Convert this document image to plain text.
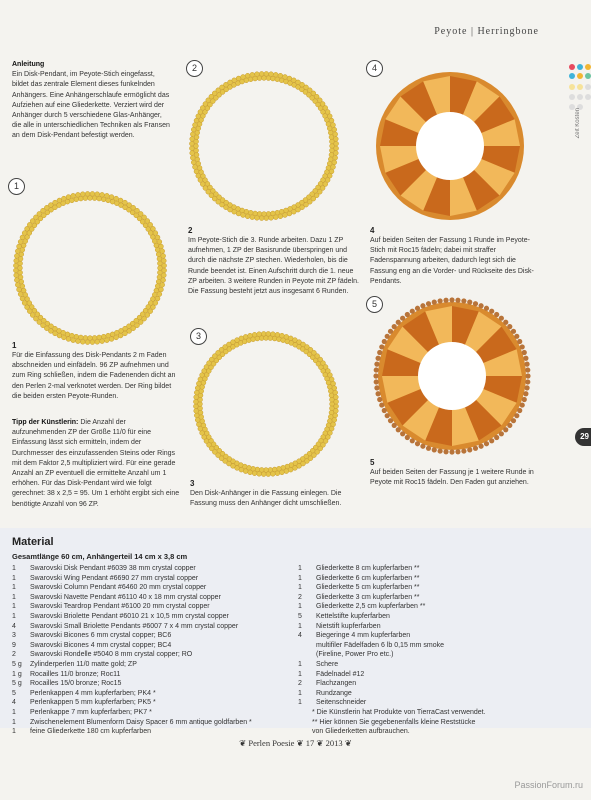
Peyote | Herringbone
Zeit Kosten
29
Anleitung
Ein Disk-Pendant, im Peyote-Stich eingefasst, bildet das zentrale Element dieses funkelnden Anhängers. Eine Anhängerschlaufe ermöglicht das Aufziehen auf eine Gliederkette. Verziert wird der Anhänger durch 5 verschiedene Glas-Anhänger, die alle in unterschiedlichen Techniken als Fransen an dem Disk-Pendant befestigt werden.
1
1
Für die Einfassung des Disk-Pendants 2 m Faden abschneiden und einfädeln. 96 ZP aufnehmen und zum Ring schließen, indem die Fadenenden dicht an den Perlen 2-mal verknotet werden. Der Ring bildet die beiden ersten Peyote-Runden.
Tipp der Künstlerin: Die Anzahl der aufzunehmenden ZP der Größe 11/0 für eine Einfassung lässt sich ermitteln, indem der Durchmesser des einzufassenden Steins oder Rings mit dem Faktor 2,5 multipliziert wird. Für eine gerade Anzahl an ZP eventuell die ermittelte Anzahl um 1 erhöhen. Für das Disk-Pendant wird wie folgt gerechnet: 38 x 2,5 = 95. Um 1 erhöht ergibt sich eine benötigte Anzahl von 96 ZP.
2
2
Im Peyote-Stich die 3. Runde arbeiten. Dazu 1 ZP aufnehmen, 1 ZP der Basisrunde überspringen und durch die nächste ZP stechen. Wiederholen, bis die Runde beendet ist. Einen Aufschritt durch die 1. neue ZP arbeiten. 3 weitere Runden in Peyote mit ZP fädeln. Die Fassung besteht jetzt aus insgesamt 6 Runden.
3
3
Den Disk-Anhänger in die Fassung einlegen. Die Fassung muss den Anhänger dicht umschließen.
4
4
Auf beiden Seiten der Fassung 1 Runde im Peyote-Stich mit Roc15 fädeln; dabei mit straffer Fadenspannung arbeiten, dadurch legt sich die Fassung eng an die Vorder- und Rückseite des Disk-Pendants.
5
5
Auf beiden Seiten der Fassung je 1 weitere Runde in Peyote mit Roc15 fädeln. Den Faden gut anziehen.
Material
Gesamtlänge 60 cm, Anhängerteil 14 cm x 3,8 cm
1	Swarovski Disk Pendant #6039 38 mm crystal copper
1	Swarovski Wing Pendant #6690 27 mm crystal copper
1	Swarovski Column Pendant #6460 20 mm crystal copper
1	Swarovski Navette Pendant #6110 40 x 18 mm crystal copper
1	Swarovski Teardrop Pendant #6100 20 mm crystal copper
1	Swarovski Briolette Pendant #6010 21 x 10,5 mm crystal copper
4	Swarovski Small Briolette Pendants #6007 7 x 4 mm crystal copper
3	Swarovski Bicones 6 mm crystal copper; BC6
9	Swarovski Bicones 4 mm crystal copper; BC4
2	Swarovski Rondelle #5040 8 mm crystal copper; RO
5 g	Zylinderperlen 11/0 matte gold; ZP
1 g	Rocailles 11/0 bronze; Roc11
5 g	Rocailles 15/0 bronze; Roc15
5	Perlenkappen 4 mm kupferfarben; PK4 *
4	Perlenkappen 5 mm kupferfarben; PK5 *
1	Perlenkappe 7 mm kupferfarben; PK7 *
1	Zwischenelement Blumenform Daisy Spacer 6 mm antique goldfarben *
1	feine Gliederkette 180 cm kupferfarben
1	Gliederkette 8 cm kupferfarben **
1	Gliederkette 6 cm kupferfarben **
1	Gliederkette 5 cm kupferfarben **
2	Gliederkette 3 cm kupferfarben **
1	Gliederkette 2,5 cm kupferfarben **
5	Kettelstifte kupferfarben
1	Nietstift kupferfarben
4	Biegeringe 4 mm kupferfarben
multifiler Fädelfaden 6 lb 0,15 mm smoke
(Fireline, Power Pro etc.)
1	Schere
1	Fädelnadel #12
2	Flachzangen
1	Rundzange
1	Seitenschneider
* Die Künstlerin hat Produkte von TierraCast verwendet.
** Hier können Sie gegebenenfalls kleine Reststücke
von Gliederketten aufbrauchen.
❦ Perlen Poesie ❦ 17 ❦ 2013 ❦
PassionForum.ru
